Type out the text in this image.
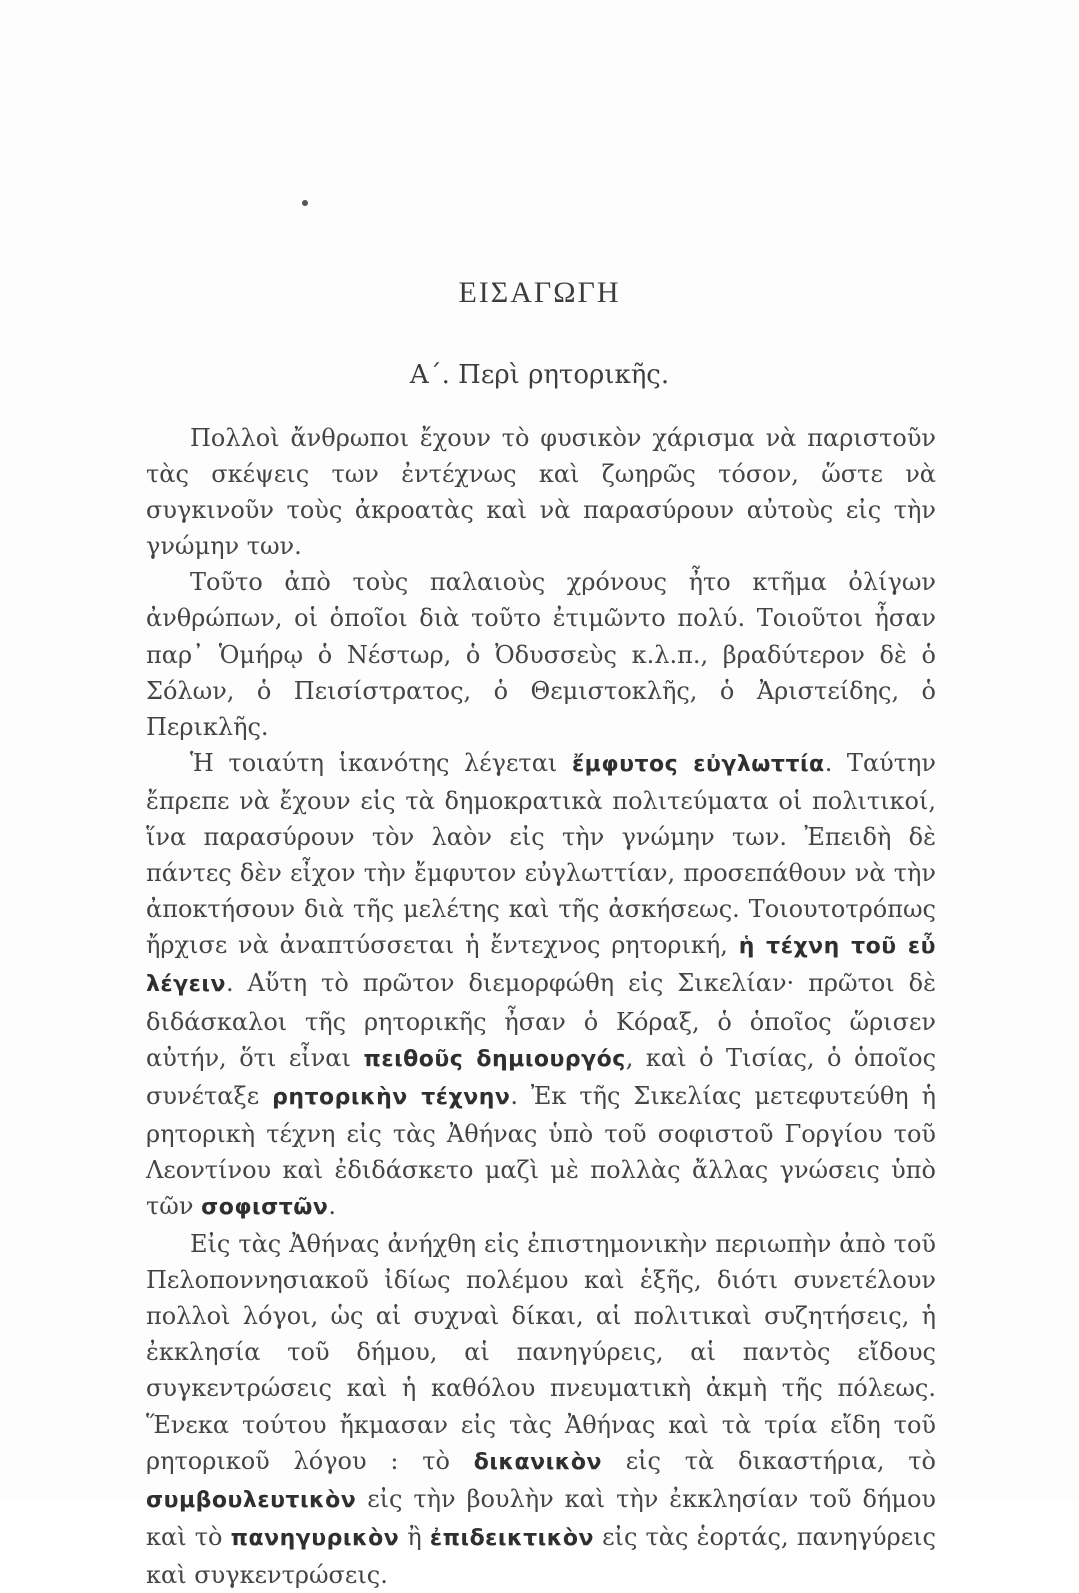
ΕΙΣΑΓΩΓΗ
Α΄. Περὶ ρητορικῆς.

Πολλοὶ ἄνθρωποι ἔχουν τὸ φυσικὸν χάρισμα νὰ παριστοῦν τὰς σκέψεις των ἐντέχνως καὶ ζωηρῶς τόσον, ὥστε νὰ συγκινοῦν τοὺς ἀκροατὰς καὶ νὰ παρασύρουν αὐτοὺς εἰς τὴν γνώμην των.

Τοῦτο ἀπὸ τοὺς παλαιοὺς χρόνους ἦτο κτῆμα ὀλίγων ἀνθρώπων, οἱ ὁποῖοι διὰ τοῦτο ἐτιμῶντο πολύ. Τοιοῦτοι ἦσαν παρ᾽ Ὁμήρῳ ὁ Νέστωρ, ὁ Ὀδυσσεὺς κ.λ.π., βραδύτερον δὲ ὁ Σόλων, ὁ Πεισίστρατος, ὁ Θεμιστοκλῆς, ὁ Ἀριστείδης, ὁ Περικλῆς.

Ἡ τοιαύτη ἱκανότης λέγεται ἔμφυτος εὐγλωττία. Ταύτην ἔπρεπε νὰ ἔχουν εἰς τὰ δημοκρατικὰ πολιτεύματα οἱ πολιτικοί, ἵνα παρασύρουν τὸν λαὸν εἰς τὴν γνώμην των. Ἐπειδὴ δὲ πάντες δὲν εἶχον τὴν ἔμφυτον εὐγλωττίαν, προσεπάθουν νὰ τὴν ἀποκτήσουν διὰ τῆς μελέτης καὶ τῆς ἀσκήσεως. Τοιουτοτρόπως ἤρχισε νὰ ἀναπτύσσεται ἡ ἔντεχνος ρητορική, ἡ τέχνη τοῦ εὖ λέγειν. Αὕτη τὸ πρῶτον διεμορφώθη εἰς Σικελίαν· πρῶτοι δὲ διδάσκαλοι τῆς ρητορικῆς ἦσαν ὁ Κόραξ, ὁ ὁποῖος ὥρισεν αὐτήν, ὅτι εἶναι πειθοῦς δημιουργός, καὶ ὁ Τισίας, ὁ ὁποῖος συνέταξε ρητορικὴν τέχνην. Ἐκ τῆς Σικελίας μετεφυτεύθη ἡ ρητορικὴ τέχνη εἰς τὰς Ἀθήνας ὑπὸ τοῦ σοφιστοῦ Γοργίου τοῦ Λεοντίνου καὶ ἐδιδάσκετο μαζὶ μὲ πολλὰς ἄλλας γνώσεις ὑπὸ τῶν σοφιστῶν.

Εἰς τὰς Ἀθήνας ἀνήχθη εἰς ἐπιστημονικὴν περιωπὴν ἀπὸ τοῦ Πελοποννησιακοῦ ἰδίως πολέμου καὶ ἑξῆς, διότι συνετέλουν πολλοὶ λόγοι, ὡς αἱ συχναὶ δίκαι, αἱ πολιτικαὶ συζητήσεις, ἡ ἐκκλησία τοῦ δήμου, αἱ πανηγύρεις, αἱ παντὸς εἴδους συγκεντρώσεις καὶ ἡ καθόλου πνευματικὴ ἀκμὴ τῆς πόλεως. Ἕνεκα τούτου ἤκμασαν εἰς τὰς Ἀθήνας καὶ τὰ τρία εἴδη τοῦ ρητορικοῦ λόγου : τὸ δικανικὸν εἰς τὰ δικαστήρια, τὸ συμβουλευτικὸν εἰς τὴν βουλὴν καὶ τὴν ἐκκλησίαν τοῦ δήμου καὶ τὸ πανηγυρικὸν ἢ ἐπιδεικτικὸν εἰς τὰς ἑορτάς, πανηγύρεις καὶ συγκεντρώσεις.
